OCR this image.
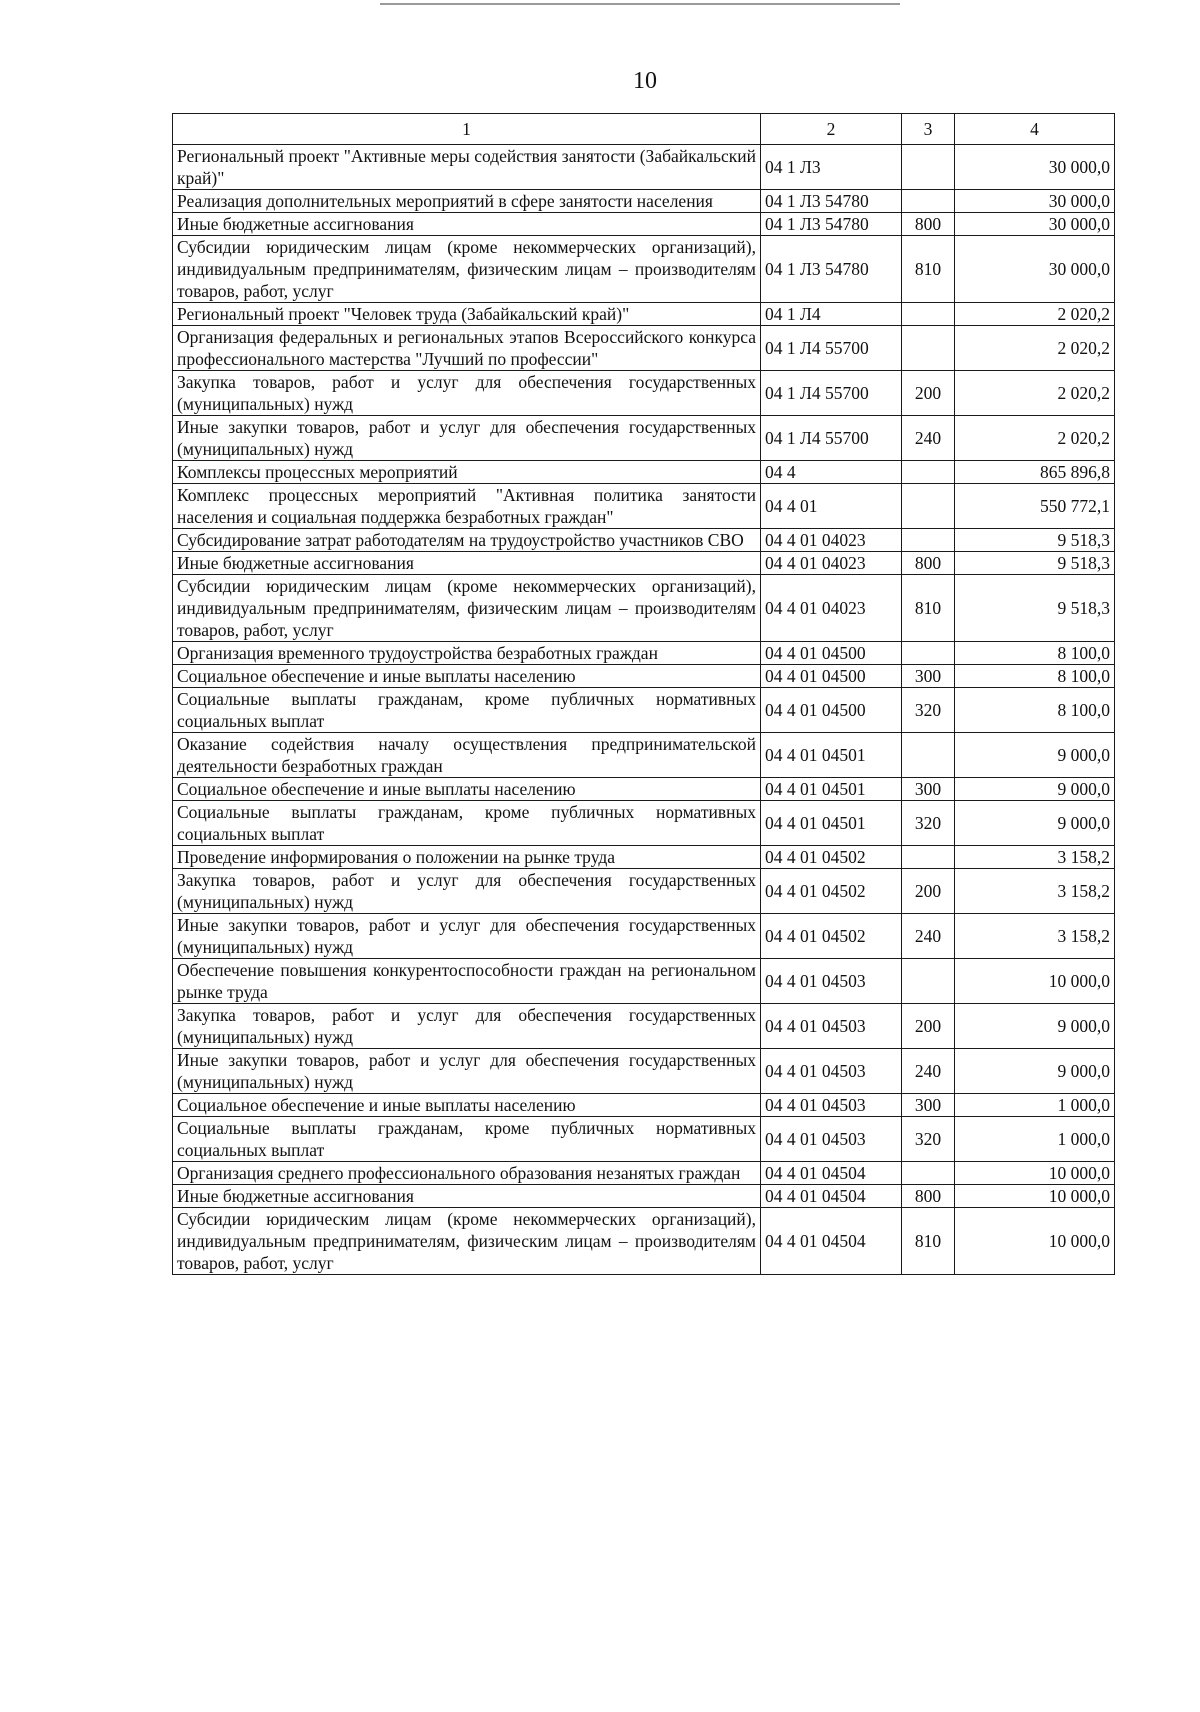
10
1	2	3	4
Региональный проект "Активные меры содействия занятости (Забайкальский край)"	04 1 Л3		30 000,0
Реализация дополнительных мероприятий в сфере занятости населения	04 1 Л3 54780		30 000,0
Иные бюджетные ассигнования	04 1 Л3 54780	800	30 000,0
Субсидии юридическим лицам (кроме некоммерческих организаций), индивидуальным предпринимателям, физическим лицам – производителям товаров, работ, услуг	04 1 Л3 54780	810	30 000,0
Региональный проект "Человек труда (Забайкальский край)"	04 1 Л4		2 020,2
Организация федеральных и региональных этапов Всероссийского конкурса профессионального мастерства "Лучший по профессии"	04 1 Л4 55700		2 020,2
Закупка товаров, работ и услуг для обеспечения государственных (муниципальных) нужд	04 1 Л4 55700	200	2 020,2
Иные закупки товаров, работ и услуг для обеспечения государственных (муниципальных) нужд	04 1 Л4 55700	240	2 020,2
Комплексы процессных мероприятий	04 4		865 896,8
Комплекс процессных мероприятий "Активная политика занятости населения и социальная поддержка безработных граждан"	04 4 01		550 772,1
Субсидирование затрат работодателям на трудоустройство участников СВО	04 4 01 04023		9 518,3
Иные бюджетные ассигнования	04 4 01 04023	800	9 518,3
Субсидии юридическим лицам (кроме некоммерческих организаций), индивидуальным предпринимателям, физическим лицам – производителям товаров, работ, услуг	04 4 01 04023	810	9 518,3
Организация временного трудоустройства безработных граждан	04 4 01 04500		8 100,0
Социальное обеспечение и иные выплаты населению	04 4 01 04500	300	8 100,0
Социальные выплаты гражданам, кроме публичных нормативных социальных выплат	04 4 01 04500	320	8 100,0
Оказание содействия началу осуществления предпринимательской деятельности безработных граждан	04 4 01 04501		9 000,0
Социальное обеспечение и иные выплаты населению	04 4 01 04501	300	9 000,0
Социальные выплаты гражданам, кроме публичных нормативных социальных выплат	04 4 01 04501	320	9 000,0
Проведение информирования о положении на рынке труда	04 4 01 04502		3 158,2
Закупка товаров, работ и услуг для обеспечения государственных (муниципальных) нужд	04 4 01 04502	200	3 158,2
Иные закупки товаров, работ и услуг для обеспечения государственных (муниципальных) нужд	04 4 01 04502	240	3 158,2
Обеспечение повышения конкурентоспособности граждан на региональном рынке труда	04 4 01 04503		10 000,0
Закупка товаров, работ и услуг для обеспечения государственных (муниципальных) нужд	04 4 01 04503	200	9 000,0
Иные закупки товаров, работ и услуг для обеспечения государственных (муниципальных) нужд	04 4 01 04503	240	9 000,0
Социальное обеспечение и иные выплаты населению	04 4 01 04503	300	1 000,0
Социальные выплаты гражданам, кроме публичных нормативных социальных выплат	04 4 01 04503	320	1 000,0
Организация среднего профессионального образования незанятых граждан	04 4 01 04504		10 000,0
Иные бюджетные ассигнования	04 4 01 04504	800	10 000,0
Субсидии юридическим лицам (кроме некоммерческих организаций), индивидуальным предпринимателям, физическим лицам – производителям товаров, работ, услуг	04 4 01 04504	810	10 000,0
